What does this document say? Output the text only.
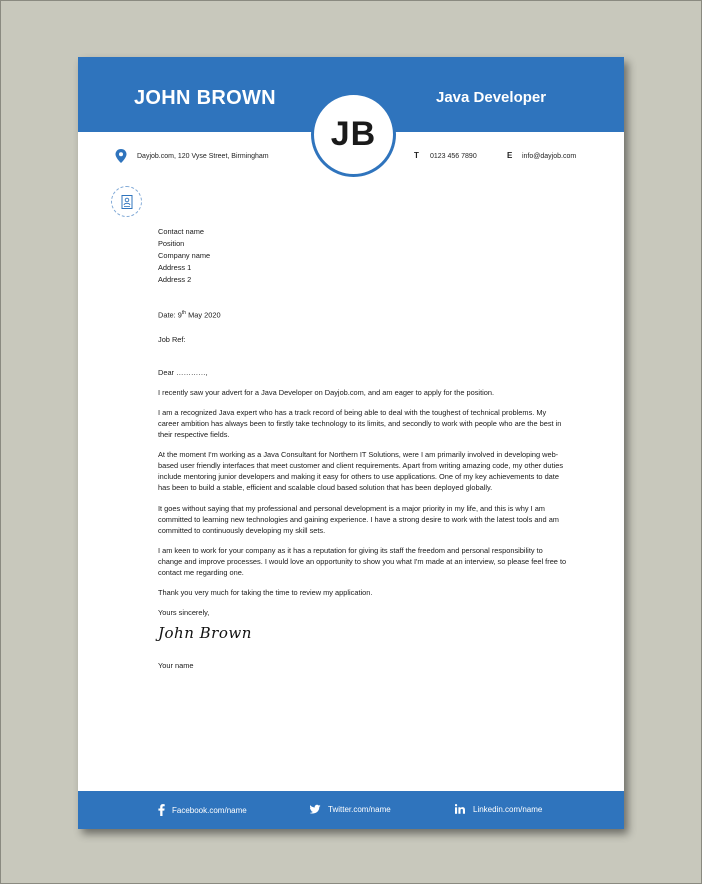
JOHN BROWN	Java Developer
JB
Dayjob.com, 120 Vyse Street, Birmingham	T 0123 456 7890	E info@dayjob.com
Contact name
Position
Company name
Address 1
Address 2

Date: 9th May 2020

Job Ref:

Dear …………,

I recently saw your advert for a Java Developer on Dayjob.com, and am eager to apply for the position.

I am a recognized Java expert who has a track record of being able to deal with the toughest of technical problems. My career ambition has always been to firstly take technology to its limits, and secondly to work with people who are the best in their respective fields.

At the moment I'm working as a Java Consultant for Northern IT Solutions, were I am primarily involved in developing web-based user friendly interfaces that meet customer and client requirements. Apart from writing amazing code, my other duties include mentoring junior developers and making it easy for others to use applications. One of my key achievements to date has been to build a stable, efficient and scalable cloud based solution that has been deployed globally.

It goes without saying that my professional and personal development is a major priority in my life, and this is why I am committed to learning new technologies and gaining experience. I have a strong desire to work with the latest tools and am committed to continuously developing my skill sets.

I am keen to work for your company as it has a reputation for giving its staff the freedom and personal responsibility to change and improve processes. I would love an opportunity to show you what I'm made at an interview, so please feel free to contact me regarding one.

Thank you very much for taking the time to review my application.

Yours sincerely,

John Brown

Your name

Facebook.com/name	Twitter.com/name	Linkedin.com/name
